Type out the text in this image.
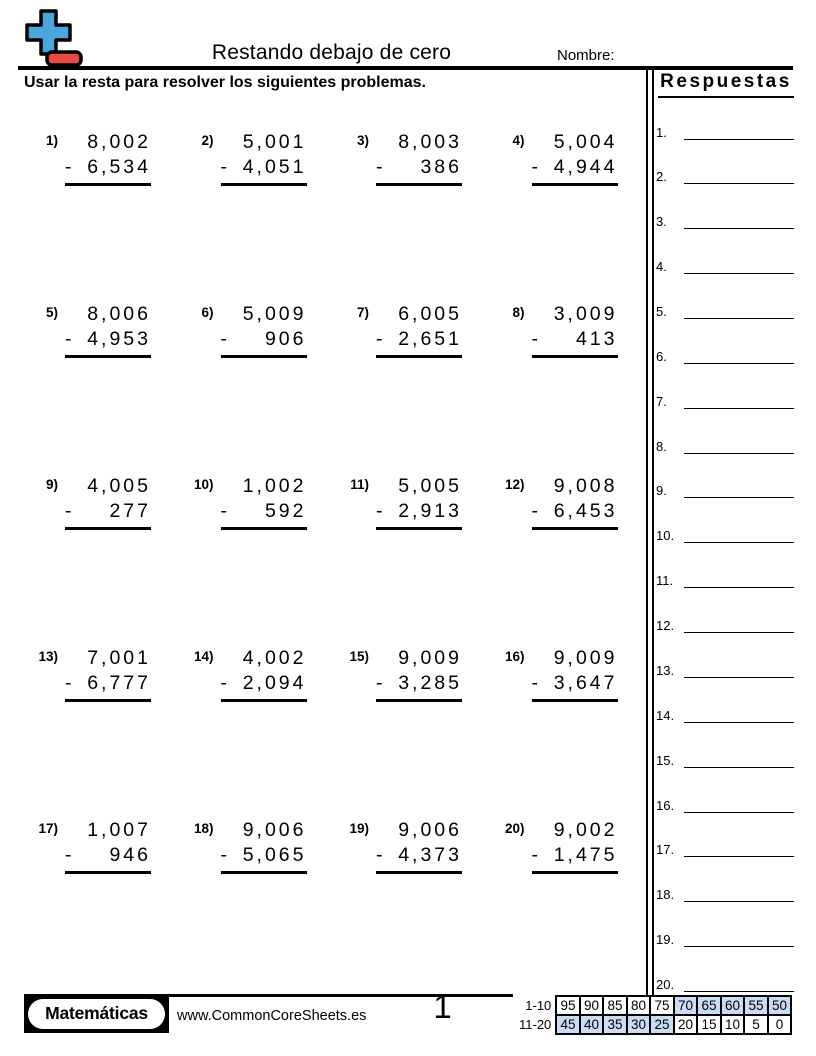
Restando debajo de cero	Nombre:
Usar la resta para resolver los siguientes problemas.
1)	8,002
- 6,534
2)	5,001
- 4,051
3)	8,003
- 386
4)	5,004
- 4,944
5)	8,006
- 4,953
6)	5,009
- 906
7)	6,005
- 2,651
8)	3,009
- 413
9)	4,005
- 277
10)	1,002
- 592
11)	5,005
- 2,913
12)	9,008
- 6,453
13)	7,001
- 6,777
14)	4,002
- 2,094
15)	9,009
- 3,285
16)	9,009
- 3,647
17)	1,007
- 946
18)	9,006
- 5,065
19)	9,006
- 4,373
20)	9,002
- 1,475
Respuestas
1.
2.
3.
4.
5.
6.
7.
8.
9.
10.
11.
12.
13.
14.
15.
16.
17.
18.
19.
20.
Matemáticas	www.CommonCoreSheets.es	1	1-10	95	90	85	80	75	70	65	60	55	50
11-20	45	40	35	30	25	20	15	10	5	0
